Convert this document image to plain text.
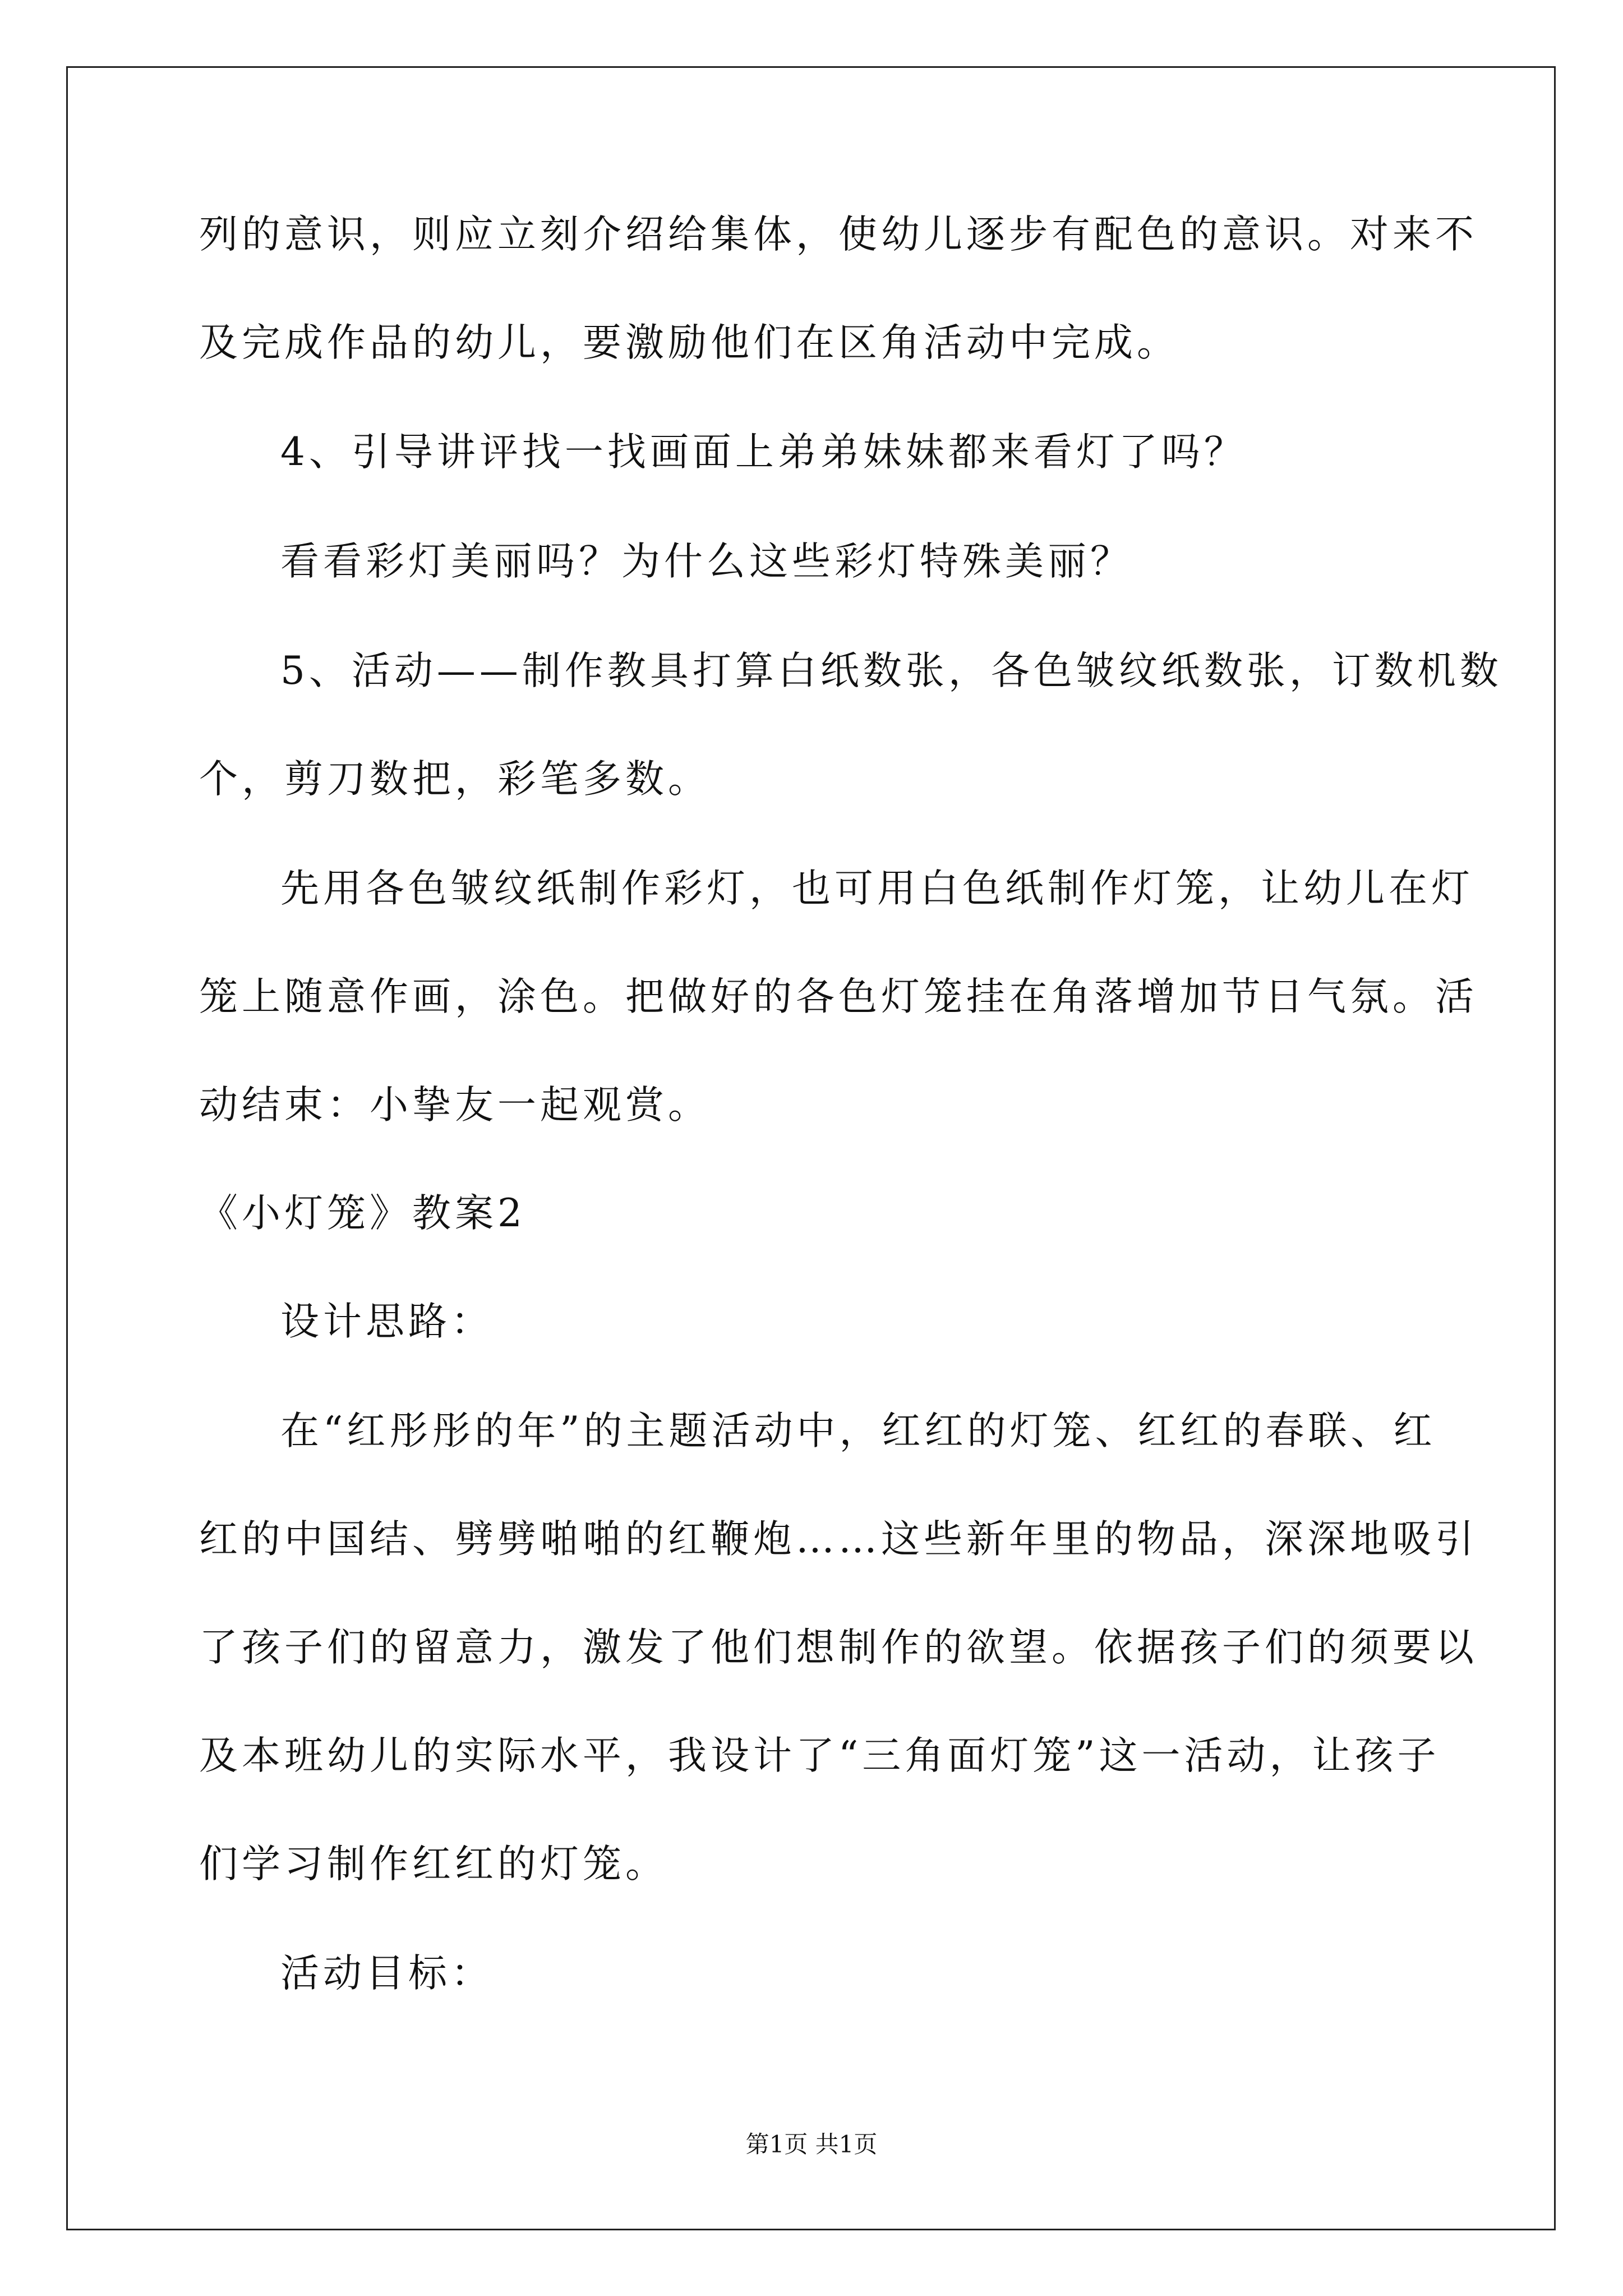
列的意识，则应立刻介绍给集体，使幼儿逐步有配色的意识。对来不
及完成作品的幼儿，要激励他们在区角活动中完成。
4、引导讲评找一找画面上弟弟妹妹都来看灯了吗？
看看彩灯美丽吗？为什么这些彩灯特殊美丽？
5、活动——制作教具打算白纸数张，各色皱纹纸数张，订数机数
个，剪刀数把，彩笔多数。
先用各色皱纹纸制作彩灯，也可用白色纸制作灯笼，让幼儿在灯
笼上随意作画，涂色。把做好的各色灯笼挂在角落增加节日气氛。活
动结束：小挚友一起观赏。
《小灯笼》教案2
设计思路：
在“红彤彤的年”的主题活动中，红红的灯笼、红红的春联、红
红的中国结、劈劈啪啪的红鞭炮……这些新年里的物品，深深地吸引
了孩子们的留意力，激发了他们想制作的欲望。依据孩子们的须要以
及本班幼儿的实际水平，我设计了“三角面灯笼”这一活动，让孩子
们学习制作红红的灯笼。
活动目标：
第1页 共1页
